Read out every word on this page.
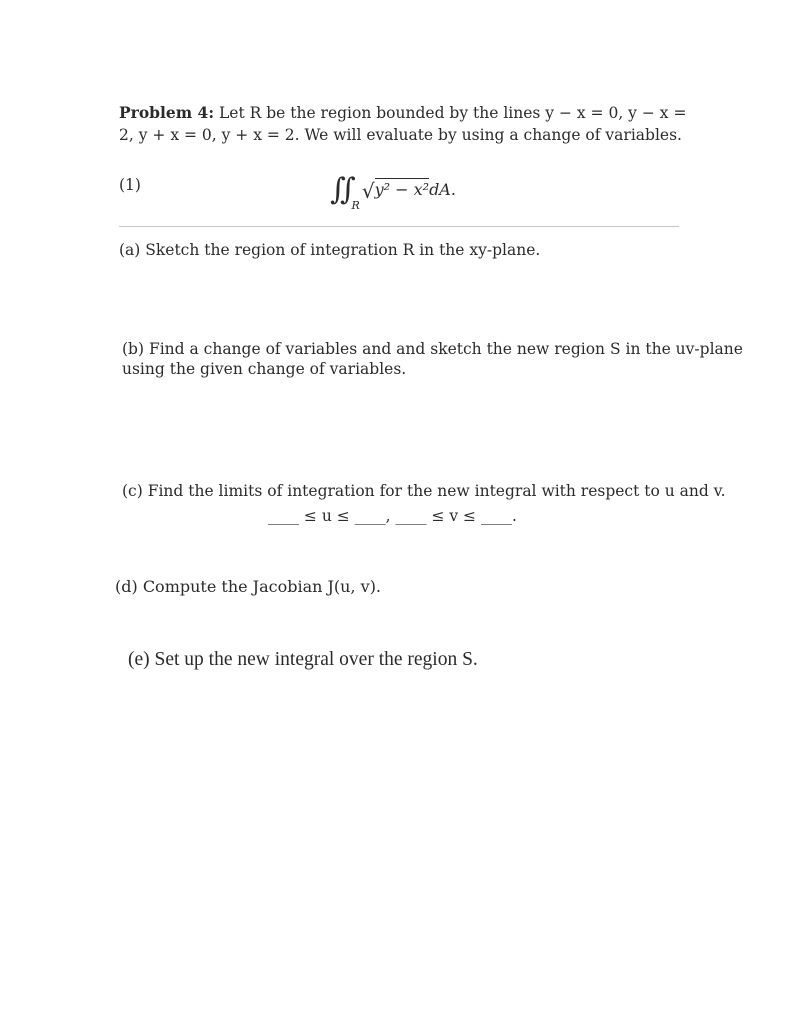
Problem 4: Let R be the region bounded by the lines y − x = 0, y − x =
2, y + x = 0, y + x = 2. We will evaluate by using a change of variables.
(1)	∬ $_R$√y² − x²dA.
(a) Sketch the region of integration R in the xy-plane.
(b) Find a change of variables and and sketch the new region S in the uv-plane
using the given change of variables.
(c) Find the limits of integration for the new integral with respect to u and v.
____ ≤ u ≤ ____, ____ ≤ v ≤ ____.
(d) Compute the Jacobian J(u, v).
(e) Set up the new integral over the region S.
